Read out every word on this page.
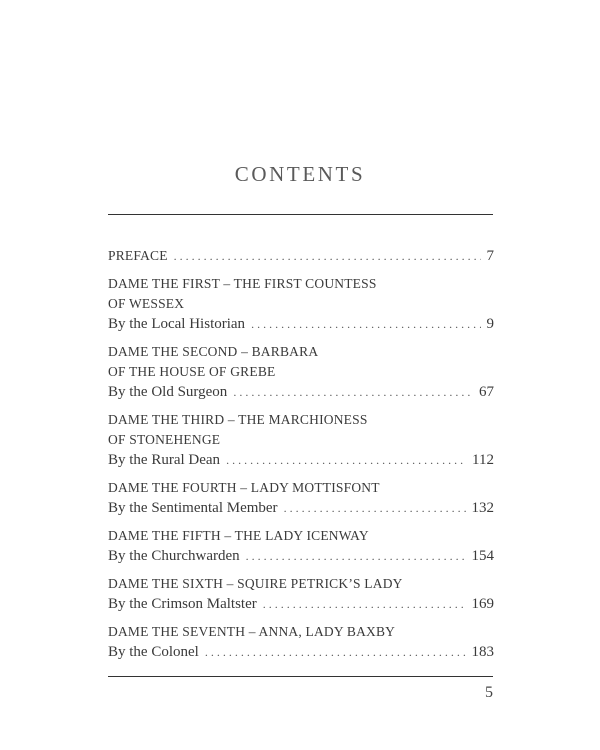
CONTENTS
PREFACE . . .	7
DAME THE FIRST – THE FIRST COUNTESS
OF WESSEX
By the Local Historian . . .	9
DAME THE SECOND – BARBARA
OF THE HOUSE OF GREBE
By the Old Surgeon . . .	67
DAME THE THIRD – THE MARCHIONESS
OF STONEHENGE
By the Rural Dean . . .	112
DAME THE FOURTH – LADY MOTTISFONT
By the Sentimental Member . . .	132
DAME THE FIFTH – THE LADY ICENWAY
By the Churchwarden . . .	154
DAME THE SIXTH – SQUIRE PETRICK’S LADY
By the Crimson Maltster . . .	169
DAME THE SEVENTH – ANNA, LADY BAXBY
By the Colonel . . .	183
5
